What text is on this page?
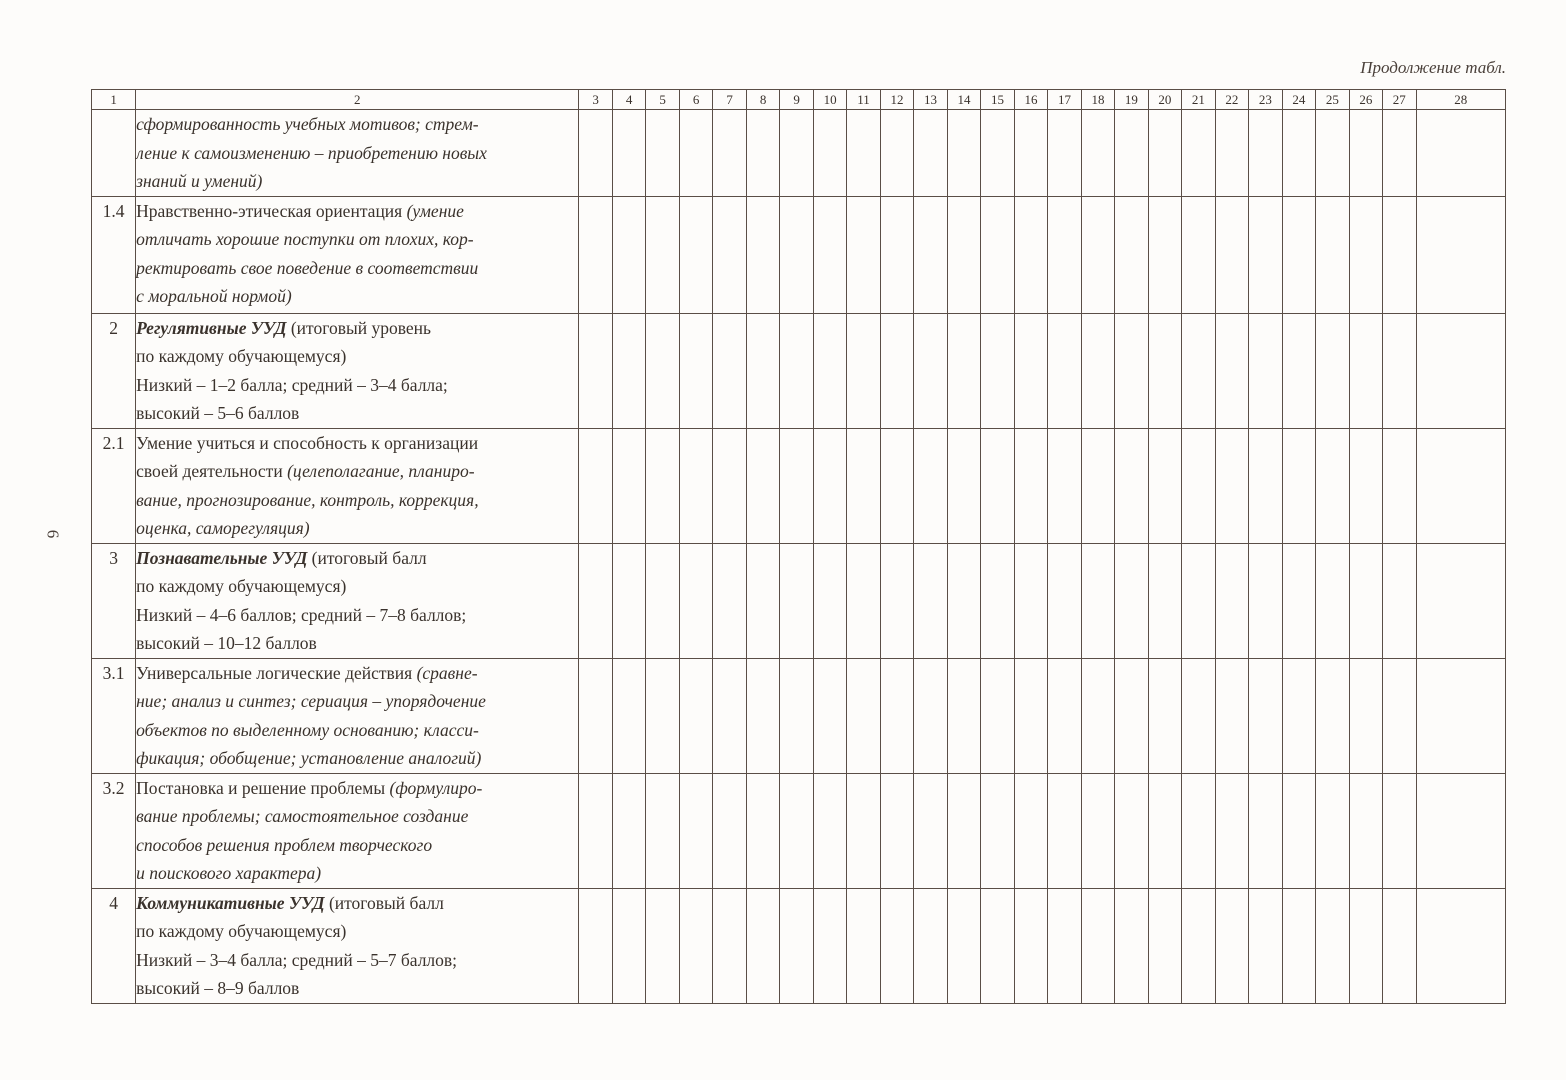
Продолжение табл.
6
1	2	3	4	5	6	7	8	9	10	11	12	13	14	15	16	17	18	19	20	21	22	23	24	25	26	27	28

	сформированность учебных мотивов; стрем-
ление к самоизменению – приобретению новых
знаний и умений)																										

1.4	Нравственно-этическая ориентация (умение
отличать хорошие поступки от плохих, кор-
ректировать свое поведение в соответствии
с моральной нормой)																										

2	Регулятивные УУД (итоговый уровень
по каждому обучающемуся)
Низкий – 1–2 балла; средний – 3–4 балла;
высокий – 5–6 баллов																										

2.1	Умение учиться и способность к организации
своей деятельности (целеполагание, планиро-
вание, прогнозирование, контроль, коррекция,
оценка, саморегуляция)																										

3	Познавательные УУД (итоговый балл
по каждому обучающемуся)
Низкий – 4–6 баллов; средний – 7–8 баллов;
высокий – 10–12 баллов																										

3.1	Универсальные логические действия (сравне-
ние; анализ и синтез; сериация – упорядочение
объектов по выделенному основанию; класси-
фикация; обобщение; установление аналогий)																										

3.2	Постановка и решение проблемы (формулиро-
вание проблемы; самостоятельное создание
способов решения проблем творческого
и поискового характера)																										

4	Коммуникативные УУД (итоговый балл
по каждому обучающемуся)
Низкий – 3–4 балла; средний – 5–7 баллов;
высокий – 8–9 баллов																										
